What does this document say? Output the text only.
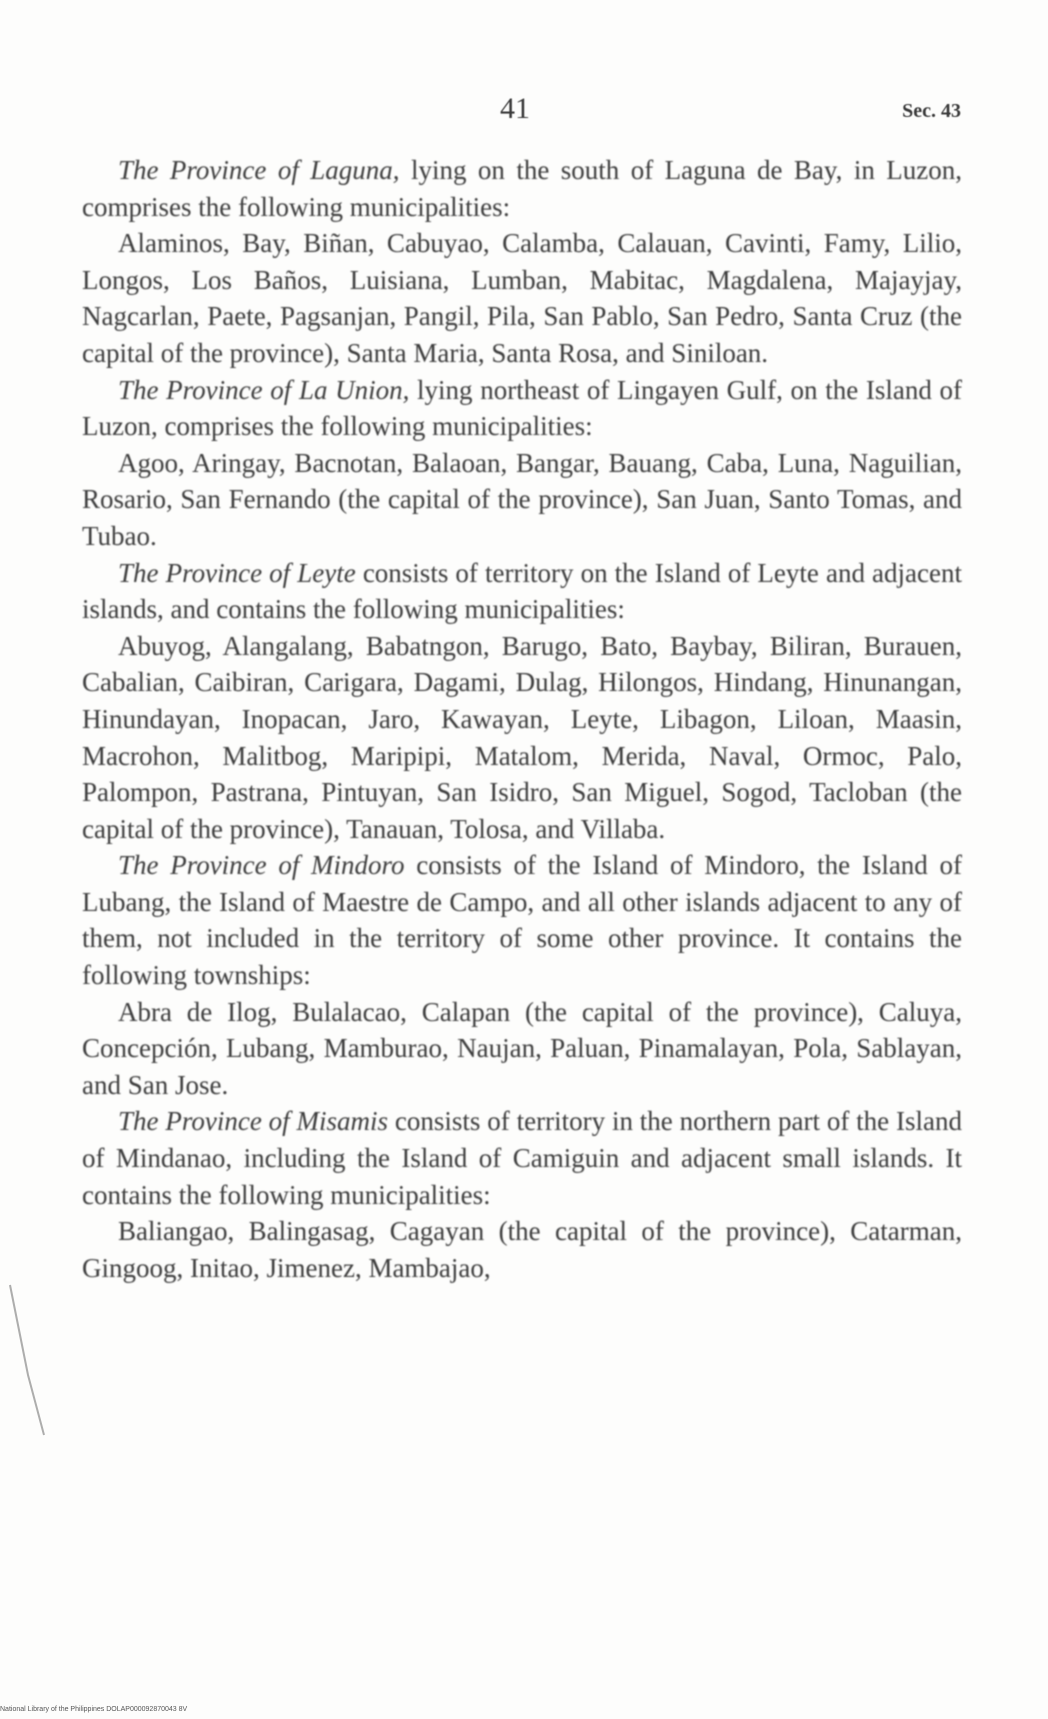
41	Sec. 43

The Province of Laguna, lying on the south of Laguna de Bay, in Luzon, comprises the following municipalities:

Alaminos, Bay, Biñan, Cabuyao, Calamba, Calauan, Cavinti, Famy, Lilio, Longos, Los Baños, Luisiana, Lumban, Mabitac, Magdalena, Majayjay, Nagcarlan, Paete, Pagsanjan, Pangil, Pila, San Pablo, San Pedro, Santa Cruz (the capital of the province), Santa Maria, Santa Rosa, and Siniloan.

The Province of La Union, lying northeast of Lingayen Gulf, on the Island of Luzon, comprises the following municipalities:

Agoo, Aringay, Bacnotan, Balaoan, Bangar, Bauang, Caba, Luna, Naguilian, Rosario, San Fernando (the capital of the province), San Juan, Santo Tomas, and Tubao.

The Province of Leyte consists of territory on the Island of Leyte and adjacent islands, and contains the following municipalities:

Abuyog, Alangalang, Babatngon, Barugo, Bato, Baybay, Biliran, Burauen, Cabalian, Caibiran, Carigara, Dagami, Dulag, Hilongos, Hindang, Hinunangan, Hinundayan, Inopacan, Jaro, Kawayan, Leyte, Libagon, Liloan, Maasin, Macrohon, Malitbog, Maripipi, Matalom, Merida, Naval, Ormoc, Palo, Palompon, Pastrana, Pintuyan, San Isidro, San Miguel, Sogod, Tacloban (the capital of the province), Tanauan, Tolosa, and Villaba.

The Province of Mindoro consists of the Island of Mindoro, the Island of Lubang, the Island of Maestre de Campo, and all other islands adjacent to any of them, not included in the territory of some other province. It contains the following townships:

Abra de Ilog, Bulalacao, Calapan (the capital of the province), Caluya, Concepción, Lubang, Mamburao, Naujan, Paluan, Pinamalayan, Pola, Sablayan, and San Jose.

The Province of Misamis consists of territory in the northern part of the Island of Mindanao, including the Island of Camiguin and adjacent small islands. It contains the following municipalities:

Baliangao, Balingasag, Cagayan (the capital of the province), Catarman, Gingoog, Initao, Jimenez, Mambajao,

National Library of the Philippines DOLAP000092870043 8V
